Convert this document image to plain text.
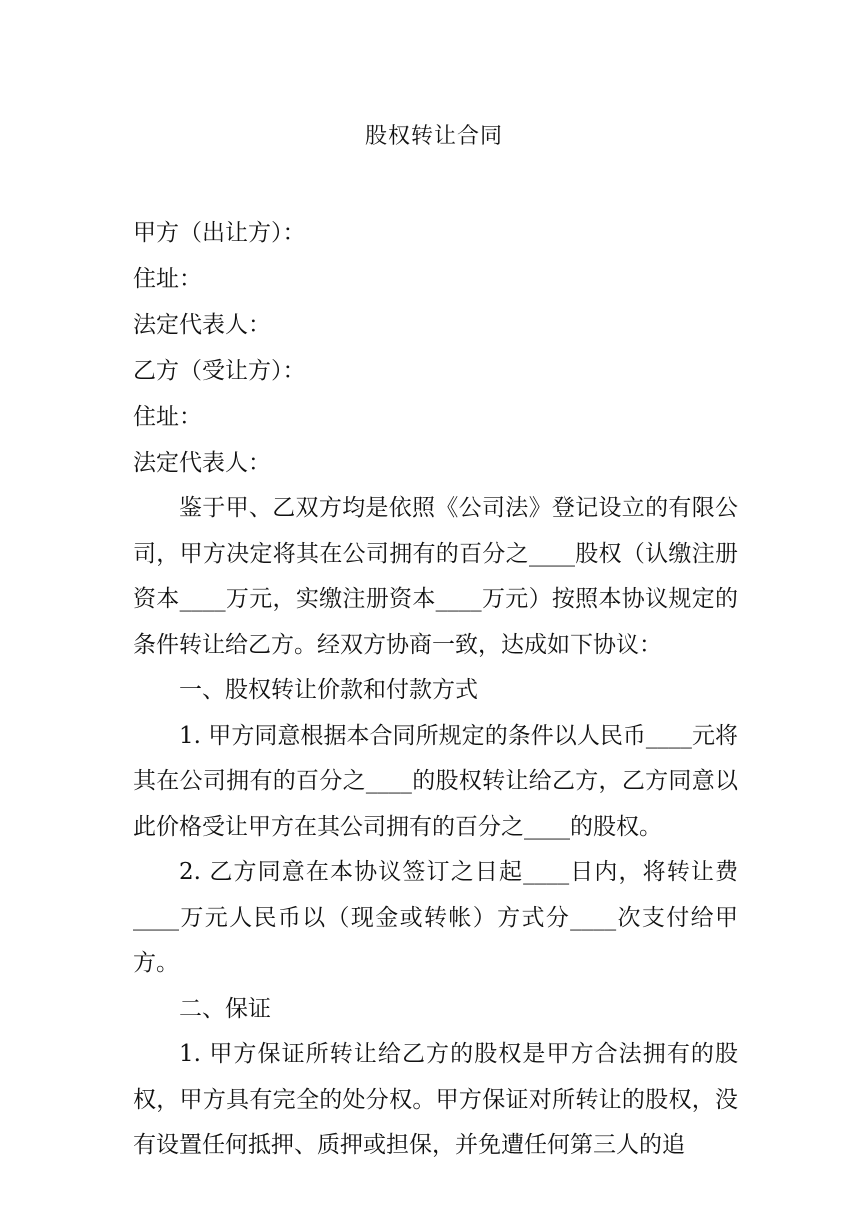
股权转让合同
甲方（出让方）：
住址：
法定代表人：
乙方（受让方）：
住址：
法定代表人：
鉴于甲、乙双方均是依照《公司法》登记设立的有限公司，甲方决定将其在公司拥有的百分之____股权（认缴注册资本____万元，实缴注册资本____万元）按照本协议规定的条件转让给乙方。经双方协商一致，达成如下协议：
一、股权转让价款和付款方式
1. 甲方同意根据本合同所规定的条件以人民币____元将其在公司拥有的百分之____的股权转让给乙方，乙方同意以此价格受让甲方在其公司拥有的百分之____的股权。
2. 乙方同意在本协议签订之日起____日内，将转让费____万元人民币以（现金或转帐）方式分____次支付给甲方。
二、保证
1. 甲方保证所转让给乙方的股权是甲方合法拥有的股权，甲方具有完全的处分权。甲方保证对所转让的股权，没有设置任何抵押、质押或担保，并免遭任何第三人的追
